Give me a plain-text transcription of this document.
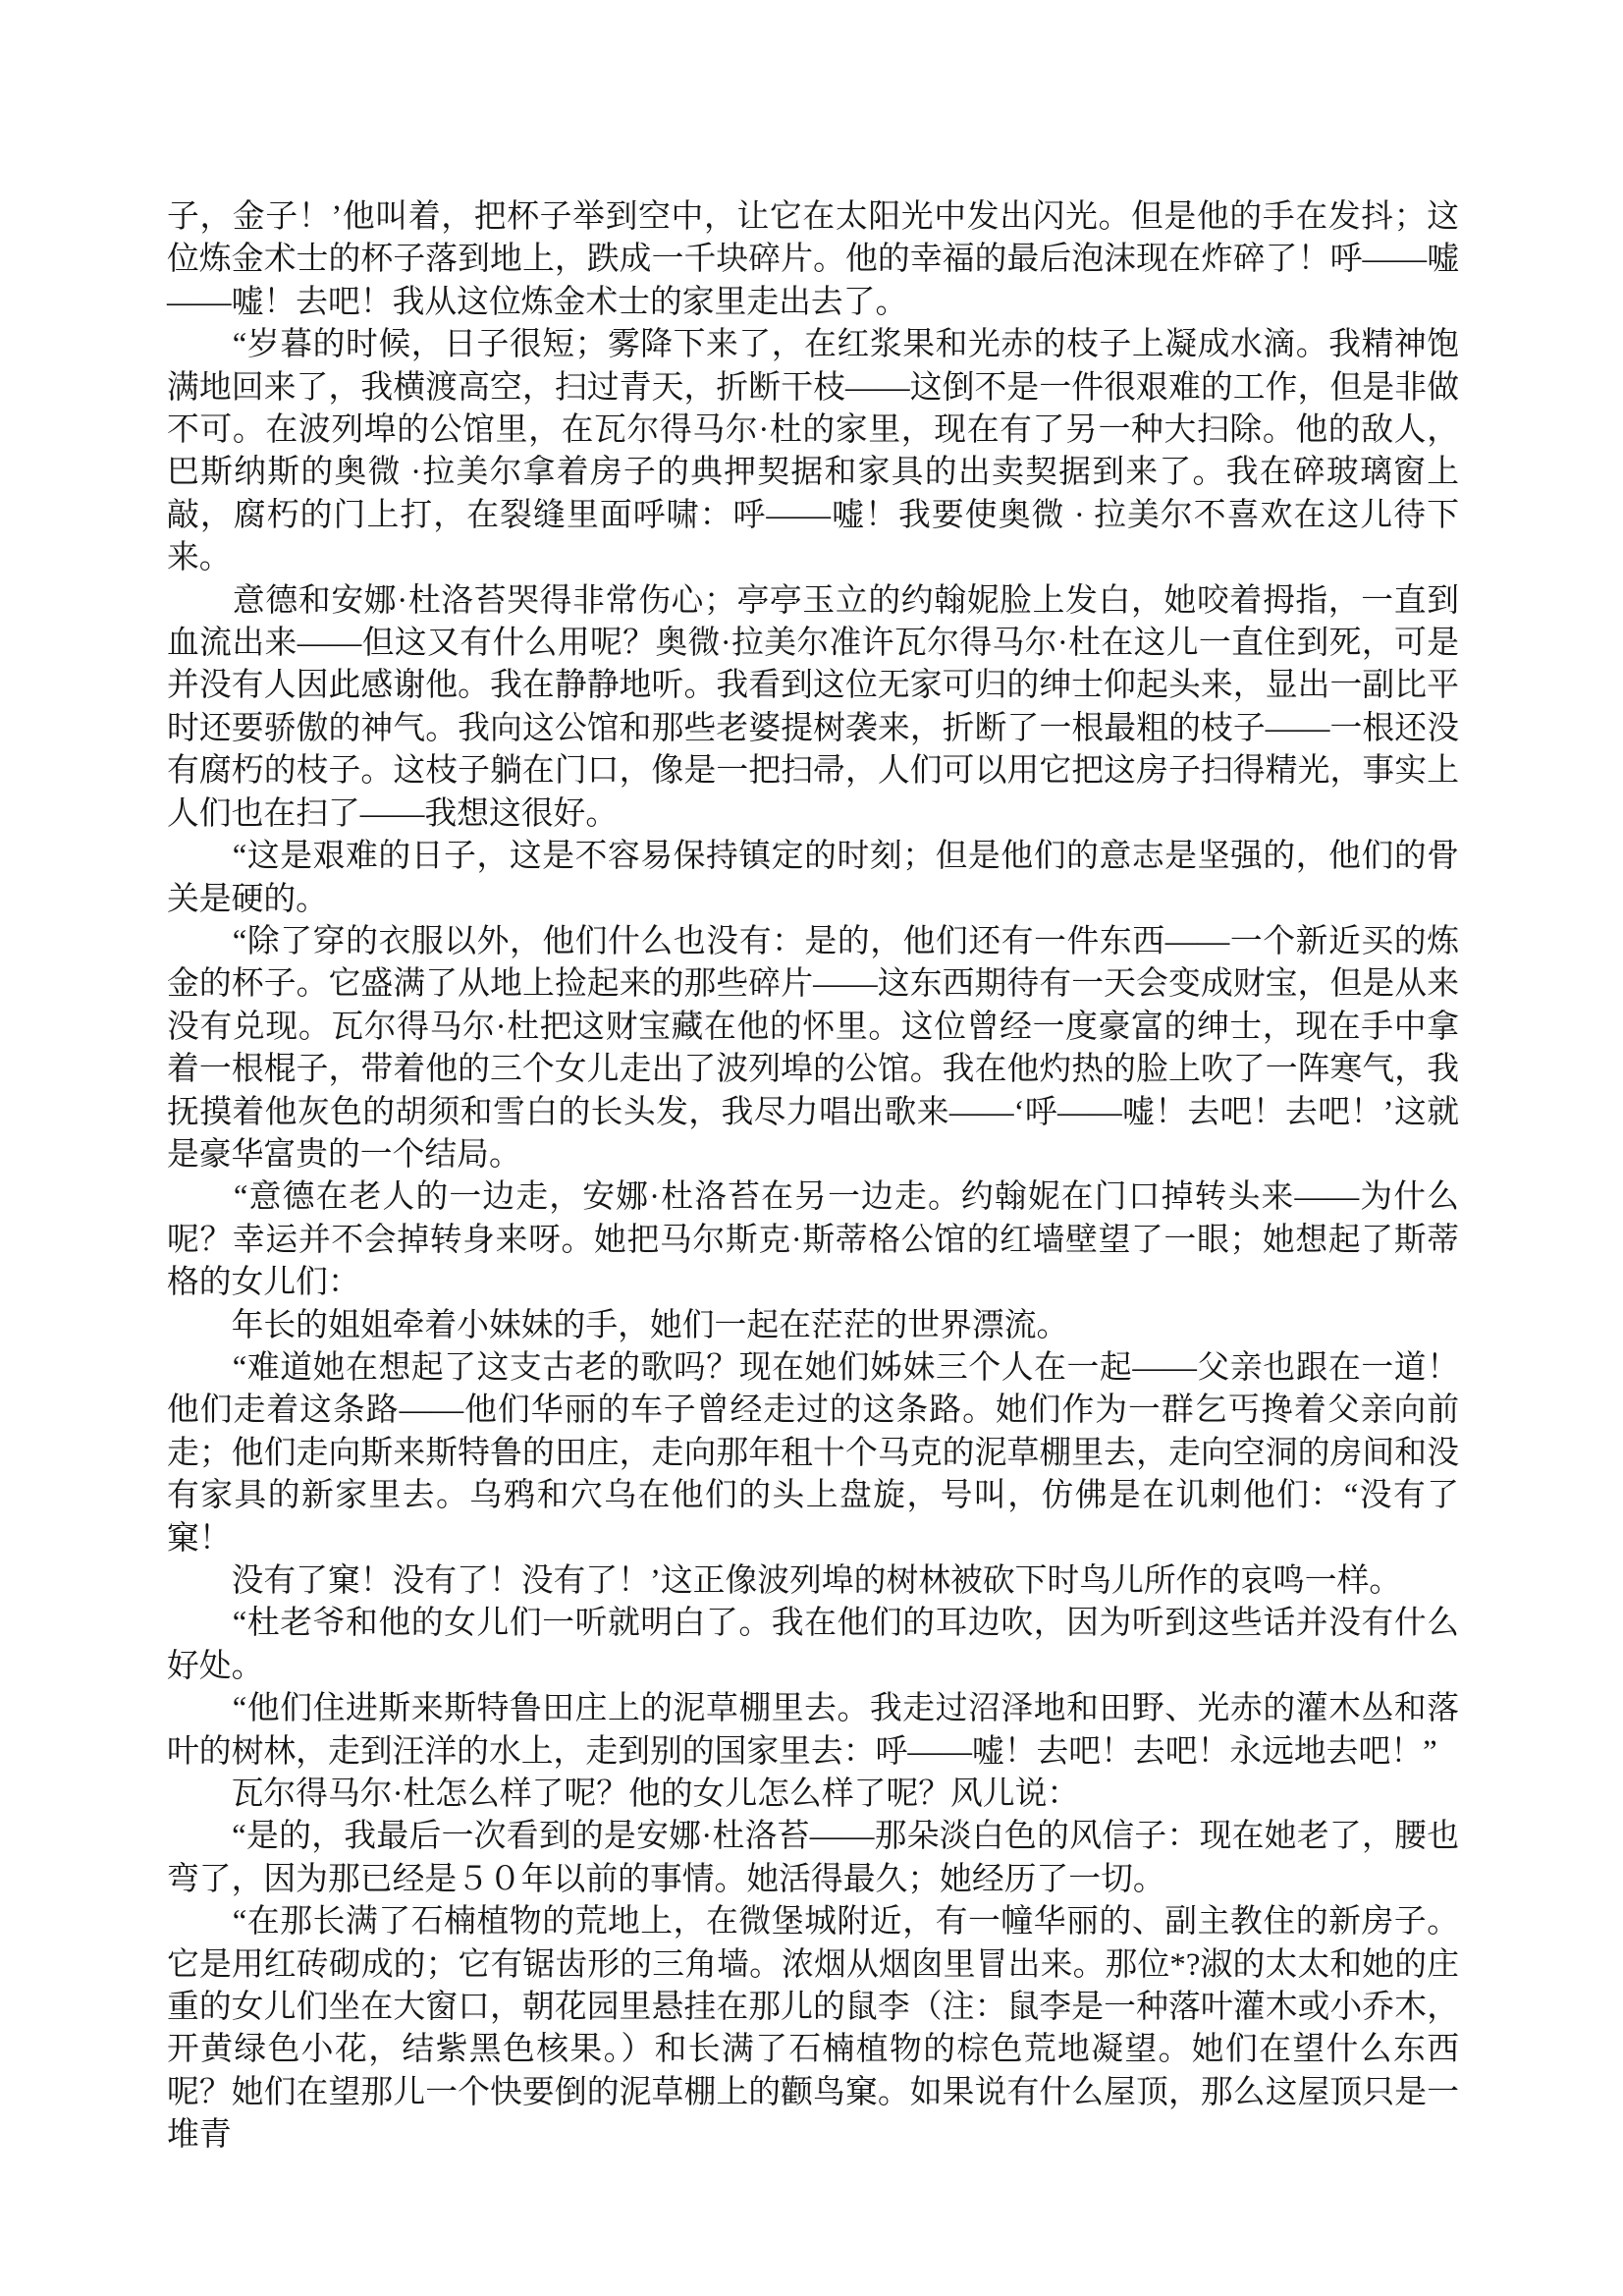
子，金子！’他叫着，把杯子举到空中，让它在太阳光中发出闪光。但是他的手在发抖；这位炼金术士的杯子落到地上，跌成一千块碎片。他的幸福的最后泡沫现在炸碎了！呼——嘘——嘘！去吧！我从这位炼金术士的家里走出去了。

　　“岁暮的时候，日子很短；雾降下来了，在红浆果和光赤的枝子上凝成水滴。我精神饱满地回来了，我横渡高空，扫过青天，折断干枝——这倒不是一件很艰难的工作，但是非做不可。在波列埠的公馆里，在瓦尔得马尔·杜的家里，现在有了另一种大扫除。他的敌人，巴斯纳斯的奥微 ·拉美尔拿着房子的典押契据和家具的出卖契据到来了。我在碎玻璃窗上敲，腐朽的门上打，在裂缝里面呼啸：呼——嘘！我要使奥微 · 拉美尔不喜欢在这儿待下来。

　　意德和安娜·杜洛苔哭得非常伤心；亭亭玉立的约翰妮脸上发白，她咬着拇指，一直到血流出来——但这又有什么用呢？奥微·拉美尔准许瓦尔得马尔·杜在这儿一直住到死，可是并没有人因此感谢他。我在静静地听。我看到这位无家可归的绅士仰起头来，显出一副比平时还要骄傲的神气。我向这公馆和那些老婆提树袭来，折断了一根最粗的枝子——一根还没有腐朽的枝子。这枝子躺在门口，像是一把扫帚，人们可以用它把这房子扫得精光，事实上人们也在扫了——我想这很好。

　　“这是艰难的日子，这是不容易保持镇定的时刻；但是他们的意志是坚强的，他们的骨关是硬的。

　　“除了穿的衣服以外，他们什么也没有：是的，他们还有一件东西——一个新近买的炼金的杯子。它盛满了从地上捡起来的那些碎片——这东西期待有一天会变成财宝，但是从来没有兑现。瓦尔得马尔·杜把这财宝藏在他的怀里。这位曾经一度豪富的绅士，现在手中拿着一根棍子，带着他的三个女儿走出了波列埠的公馆。我在他灼热的脸上吹了一阵寒气，我抚摸着他灰色的胡须和雪白的长头发，我尽力唱出歌来——‘呼——嘘！去吧！去吧！’这就是豪华富贵的一个结局。

　　“意德在老人的一边走，安娜·杜洛苔在另一边走。约翰妮在门口掉转头来——为什么呢？幸运并不会掉转身来呀。她把马尔斯克·斯蒂格公馆的红墙壁望了一眼；她想起了斯蒂格的女儿们：

　　年长的姐姐牵着小妹妹的手，她们一起在茫茫的世界漂流。

　　“难道她在想起了这支古老的歌吗？现在她们姊妹三个人在一起——父亲也跟在一道！他们走着这条路——他们华丽的车子曾经走过的这条路。她们作为一群乞丐搀着父亲向前走；他们走向斯来斯特鲁的田庄，走向那年租十个马克的泥草棚里去，走向空洞的房间和没有家具的新家里去。乌鸦和穴乌在他们的头上盘旋，号叫，仿佛是在讥刺他们：“没有了窠！

　　没有了窠！没有了！没有了！’这正像波列埠的树林被砍下时鸟儿所作的哀鸣一样。

　　“杜老爷和他的女儿们一听就明白了。我在他们的耳边吹，因为听到这些话并没有什么好处。

　　“他们住进斯来斯特鲁田庄上的泥草棚里去。我走过沼泽地和田野、光赤的灌木丛和落叶的树林，走到汪洋的水上，走到别的国家里去：呼——嘘！去吧！去吧！永远地去吧！”

　　瓦尔得马尔·杜怎么样了呢？他的女儿怎么样了呢？风儿说：

　　“是的，我最后一次看到的是安娜·杜洛苔——那朵淡白色的风信子：现在她老了，腰也弯了，因为那已经是５０年以前的事情。她活得最久；她经历了一切。

　　“在那长满了石楠植物的荒地上，在微堡城附近，有一幢华丽的、副主教住的新房子。它是用红砖砌成的；它有锯齿形的三角墙。浓烟从烟囱里冒出来。那位*?淑的太太和她的庄重的女儿们坐在大窗口，朝花园里悬挂在那儿的鼠李（注：鼠李是一种落叶灌木或小乔木，开黄绿色小花，结紫黑色核果。）和长满了石楠植物的棕色荒地凝望。她们在望什么东西呢？她们在望那儿一个快要倒的泥草棚上的颧鸟窠。如果说有什么屋顶，那么这屋顶只是一堆青
